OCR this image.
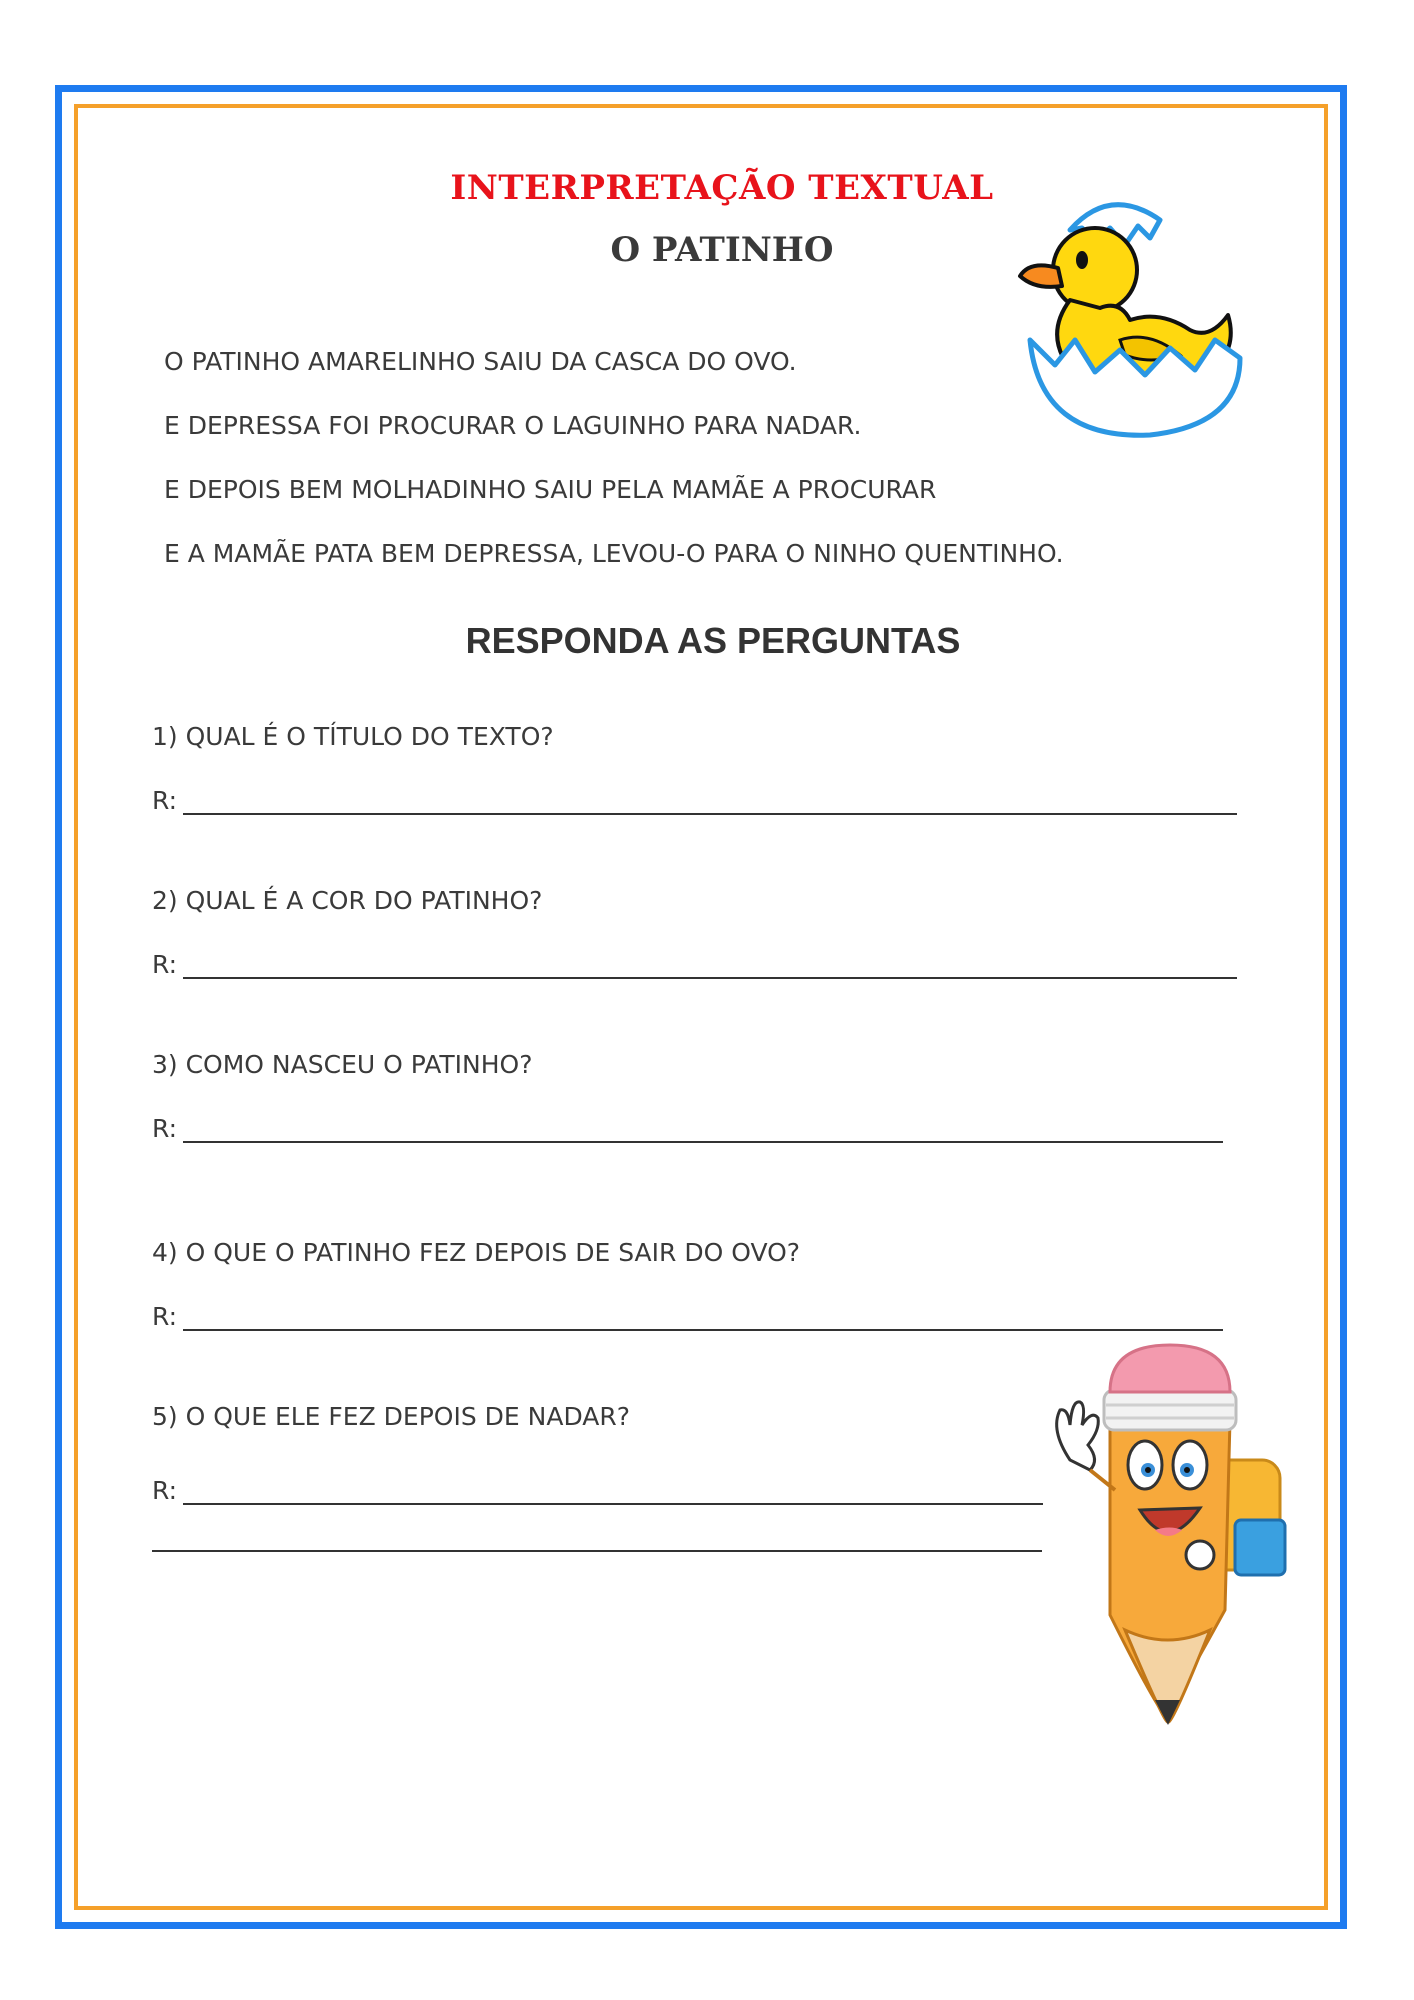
INTERPRETAÇÃO TEXTUAL
O PATINHO
O PATINHO AMARELINHO SAIU DA CASCA DO OVO.
E DEPRESSA FOI PROCURAR O LAGUINHO PARA NADAR.
E DEPOIS BEM MOLHADINHO SAIU PELA MAMÃE A PROCURAR
E A MAMÃE PATA BEM DEPRESSA, LEVOU-O PARA O NINHO QUENTINHO.
RESPONDA AS PERGUNTAS
1) QUAL É O TÍTULO DO TEXTO?
R:
2) QUAL É A COR DO PATINHO?
R:
3) COMO NASCEU O PATINHO?
R:
4) O QUE O PATINHO FEZ DEPOIS DE SAIR DO OVO?
R:
5) O QUE ELE FEZ DEPOIS DE NADAR?
R:
